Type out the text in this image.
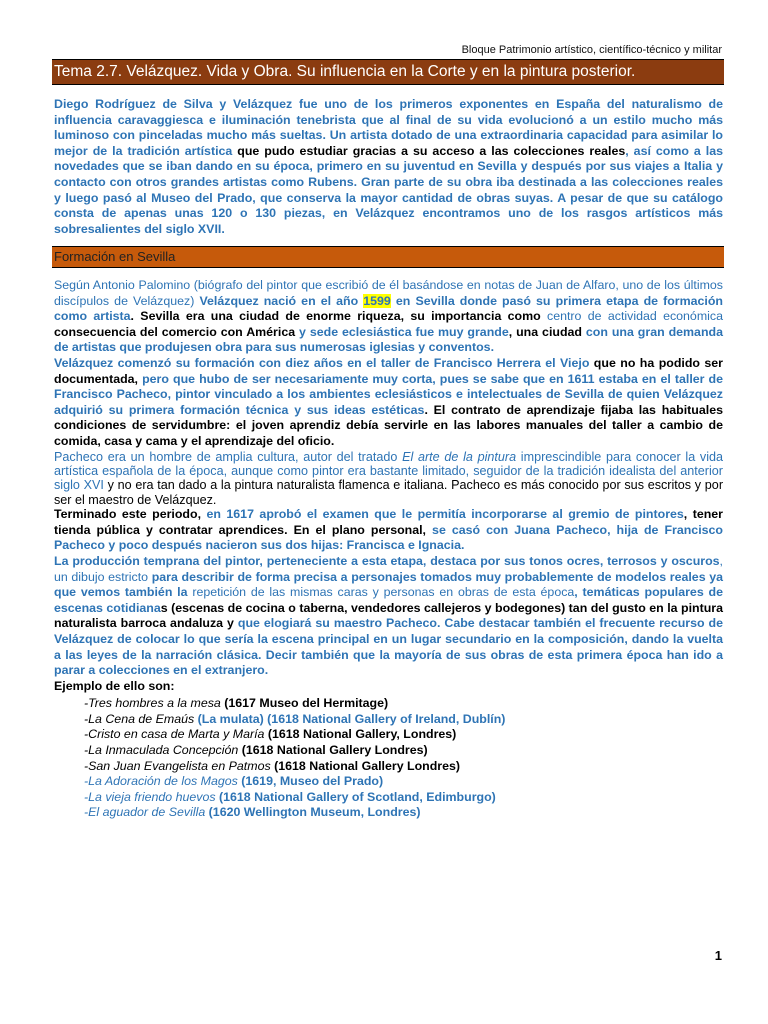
Bloque Patrimonio artístico, científico-técnico y militar
Tema 2.7. Velázquez. Vida y Obra. Su influencia en la Corte y en la pintura posterior.

Diego Rodríguez de Silva y Velázquez fue uno de los primeros exponentes en España del naturalismo de influencia caravaggiesca e iluminación tenebrista que al final de su vida evolucionó a un estilo mucho más luminoso con pinceladas mucho más sueltas. Un artista dotado de una extraordinaria capacidad para asimilar lo mejor de la tradición artística que pudo estudiar gracias a su acceso a las colecciones reales, así como a las novedades que se iban dando en su época, primero en su juventud en Sevilla y después por sus viajes a Italia y contacto con otros grandes artistas como Rubens. Gran parte de su obra iba destinada a las colecciones reales y luego pasó al Museo del Prado, que conserva la mayor cantidad de obras suyas. A pesar de que su catálogo consta de apenas unas 120 o 130 piezas, en Velázquez encontramos uno de los rasgos artísticos más sobresalientes del siglo XVII.

Formación en Sevilla

Según Antonio Palomino (biógrafo del pintor que escribió de él basándose en notas de Juan de Alfaro, uno de los últimos discípulos de Velázquez) Velázquez nació en el año 1599 en Sevilla donde pasó su primera etapa de formación como artista. Sevilla era una ciudad de enorme riqueza, su importancia como centro de actividad económica consecuencia del comercio con América y sede eclesiástica fue muy grande, una ciudad con una gran demanda de artistas que produjesen obra para sus numerosas iglesias y conventos.

Velázquez comenzó su formación con diez años en el taller de Francisco Herrera el Viejo que no ha podido ser documentada, pero que hubo de ser necesariamente muy corta, pues se sabe que en 1611 estaba en el taller de Francisco Pacheco, pintor vinculado a los ambientes eclesiásticos e intelectuales de Sevilla de quien Velázquez adquirió su primera formación técnica y sus ideas estéticas. El contrato de aprendizaje fijaba las habituales condiciones de servidumbre: el joven aprendiz debía servirle en las labores manuales del taller a cambio de comida, casa y cama y el aprendizaje del oficio.

Pacheco era un hombre de amplia cultura, autor del tratado El arte de la pintura imprescindible para conocer la vida artística española de la época, aunque como pintor era bastante limitado, seguidor de la tradición idealista del anterior siglo XVI y no era tan dado a la pintura naturalista flamenca e italiana. Pacheco es más conocido por sus escritos y por ser el maestro de Velázquez.

Terminado este periodo, en 1617 aprobó el examen que le permitía incorporarse al gremio de pintores, tener tienda pública y contratar aprendices. En el plano personal, se casó con Juana Pacheco, hija de Francisco Pacheco y poco después nacieron sus dos hijas: Francisca e Ignacia.

La producción temprana del pintor, perteneciente a esta etapa, destaca por sus tonos ocres, terrosos y oscuros, un dibujo estricto para describir de forma precisa a personajes tomados muy probablemente de modelos reales ya que vemos también la repetición de las mismas caras y personas en obras de esta época, temáticas populares de escenas cotidianas (escenas de cocina o taberna, vendedores callejeros y bodegones) tan del gusto en la pintura naturalista barroca andaluza y que elogiará su maestro Pacheco. Cabe destacar también el frecuente recurso de Velázquez de colocar lo que sería la escena principal en un lugar secundario en la composición, dando la vuelta a las leyes de la narración clásica. Decir también que la mayoría de sus obras de esta primera época han ido a parar a colecciones en el extranjero.

Ejemplo de ello son:

-Tres hombres a la mesa (1617 Museo del Hermitage)
-La Cena de Emaús (La mulata) (1618 National Gallery of Ireland, Dublín)
-Cristo en casa de Marta y María (1618 National Gallery, Londres)
-La Inmaculada Concepción (1618 National Gallery Londres)
-San Juan Evangelista en Patmos (1618 National Gallery Londres)
-La Adoración de los Magos (1619, Museo del Prado)
-La vieja friendo huevos (1618 National Gallery of Scotland, Edimburgo)
-El aguador de Sevilla (1620 Wellington Museum, Londres)
1
